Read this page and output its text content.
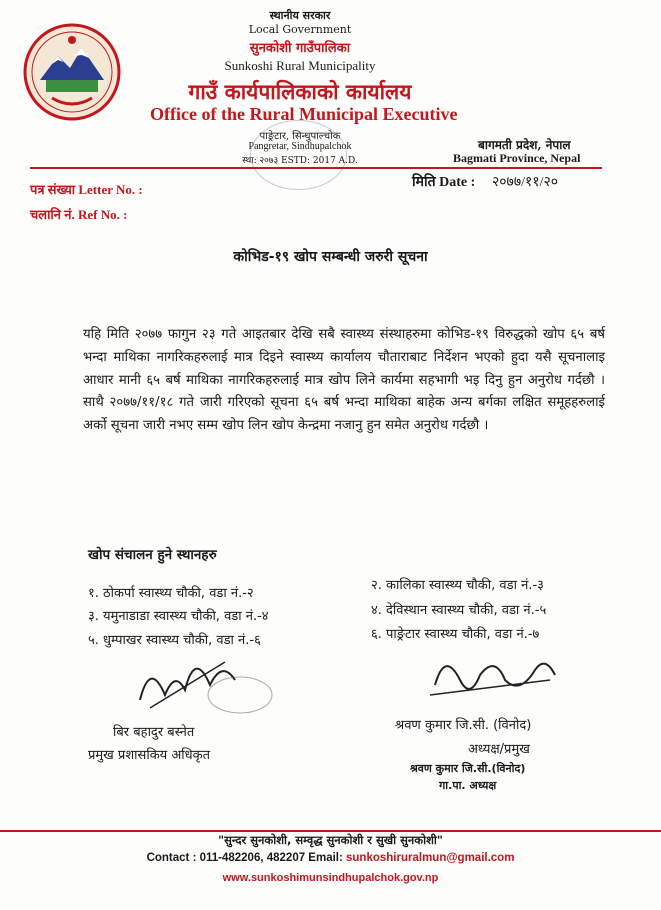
स्थानीय सरकार
Local Government
सुनकोशी गाउँपालिका
Sunkoshi Rural Municipality
गाउँ कार्यपालिकाको कार्यालय
Office of the Rural Municipal Executive
पाङ्रेटार, सिन्धुपाल्चोक
Pangretar, Sindhupalchok
स्था: २०७३ ESTD: 2017 A.D.
बागमती प्रदेश, नेपाल
Bagmati Province, Nepal
पत्र संख्या Letter No. :
चलानि नं. Ref No. :
मिति Date : २०७७/११/२०
कोभिड-१९ खोप सम्बन्धी जरुरी सूचना
यहि मिति २०७७ फागुन २३ गते आइतबार देखि सबै स्वास्थ्य संस्थाहरुमा कोभिड-१९ विरुद्धको खोप ६५ बर्ष भन्दा माथिका नागरिकहरुलाई मात्र दिइने स्वास्थ्य कार्यालय चौताराबाट निर्देशन भएको हुदा यसै सूचनालाइ आधार मानी ६५ बर्ष माथिका नागरिकहरुलाई मात्र खोप लिने कार्यमा सहभागी भइ दिनु हुन अनुरोध गर्दछौ । साथै २०७७/११/१८ गते जारी गरिएको सूचना ६५ बर्ष भन्दा माथिका बाहेक अन्य बर्गका लक्षित समूहहरुलाई अर्को सूचना जारी नभए सम्म खोप लिन खोप केन्द्रमा नजानु हुन समेत अनुरोध गर्दछौ ।
खोप संचालन हुने स्थानहरु
१. ठोकर्पा स्वास्थ्य चौकी, वडा नं.-२
२. कालिका स्वास्थ्य चौकी, वडा नं.-३
३. यमुनाडाडा स्वास्थ्य चौकी, वडा नं.-४	४. देविस्थान स्वास्थ्य चौकी, वडा नं.-५
५. धुम्पाखर स्वास्थ्य चौकी, वडा नं.-६	६. पाङ्रेटार स्वास्थ्य चौकी, वडा नं.-७
बिर बहादुर बस्नेत
प्रमुख प्रशासकिय अधिकृत
श्रवण कुमार जि.सी. (विनोद)
अध्यक्ष/प्रमुख
श्रवण कुमार जि.सी.(विनोद)
गा.पा. अध्यक्ष
"सुन्दर सुनकोशी, सम्वृद्ध सुनकोशी र सुखी सुनकोशी"
Contact : 011-482206, 482207 Email: sunkoshiruralmun@gmail.com
www.sunkoshimunsindhupalchok.gov.np
